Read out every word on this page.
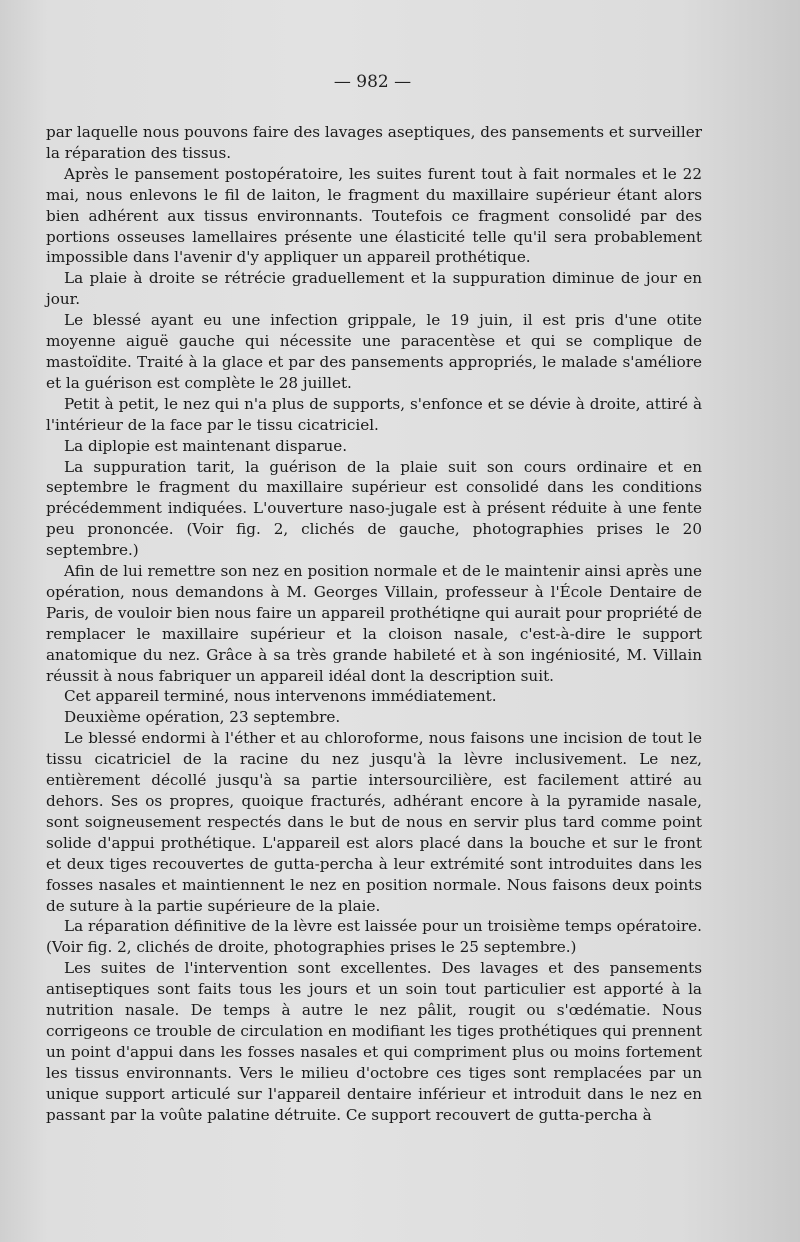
— 982 —

par laquelle nous pouvons faire des lavages aseptiques, des pansements et surveiller la réparation des tissus.

Après le pansement postopératoire, les suites furent tout à fait normales et le 22 mai, nous enlevons le fil de laiton, le fragment du maxillaire supérieur étant alors bien adhérent aux tissus environnants. Toutefois ce fragment consolidé par des portions osseuses lamellaires présente une élasticité telle qu'il sera probablement impossible dans l'avenir d'y appliquer un appareil prothétique.

La plaie à droite se rétrécie graduellement et la suppuration diminue de jour en jour.

Le blessé ayant eu une infection grippale, le 19 juin, il est pris d'une otite moyenne aiguë gauche qui nécessite une paracentèse et qui se complique de mastoïdite. Traité à la glace et par des pansements appropriés, le malade s'améliore et la guérison est complète le 28 juillet.

Petit à petit, le nez qui n'a plus de supports, s'enfonce et se dévie à droite, attiré à l'intérieur de la face par le tissu cicatriciel.

La diplopie est maintenant disparue.

La suppuration tarit, la guérison de la plaie suit son cours ordinaire et en septembre le fragment du maxillaire supérieur est consolidé dans les conditions précédemment indiquées. L'ouverture naso-jugale est à présent réduite à une fente peu prononcée. (Voir fig. 2, clichés de gauche, photographies prises le 20 septembre.)

Afin de lui remettre son nez en position normale et de le maintenir ainsi après une opération, nous demandons à M. Georges Villain, professeur à l'École Dentaire de Paris, de vouloir bien nous faire un appareil prothétiqne qui aurait pour propriété de remplacer le maxillaire supérieur et la cloison nasale, c'est-à-dire le support anatomique du nez. Grâce à sa très grande habileté et à son ingéniosité, M. Villain réussit à nous fabriquer un appareil idéal dont la description suit.

Cet appareil terminé, nous intervenons immédiatement.

Deuxième opération, 23 septembre.

Le blessé endormi à l'éther et au chloroforme, nous faisons une incision de tout le tissu cicatriciel de la racine du nez jusqu'à la lèvre inclusivement. Le nez, entièrement décollé jusqu'à sa partie intersourcilière, est facilement attiré au dehors. Ses os propres, quoique fracturés, adhérant encore à la pyramide nasale, sont soigneusement respectés dans le but de nous en servir plus tard comme point solide d'appui prothétique. L'appareil est alors placé dans la bouche et sur le front et deux tiges recouvertes de gutta-percha à leur extrémité sont introduites dans les fosses nasales et maintiennent le nez en position normale. Nous faisons deux points de suture à la partie supérieure de la plaie.

La réparation définitive de la lèvre est laissée pour un troisième temps opératoire. (Voir fig. 2, clichés de droite, photographies prises le 25 septembre.)

Les suites de l'intervention sont excellentes. Des lavages et des pansements antiseptiques sont faits tous les jours et un soin tout particulier est apporté à la nutrition nasale. De temps à autre le nez pâlit, rougit ou s'œdématie. Nous corrigeons ce trouble de circulation en modifiant les tiges prothétiques qui prennent un point d'appui dans les fosses nasales et qui compriment plus ou moins fortement les tissus environnants. Vers le milieu d'octobre ces tiges sont remplacées par un unique support articulé sur l'appareil dentaire inférieur et introduit dans le nez en passant par la voûte palatine détruite. Ce support recouvert de gutta-percha à
